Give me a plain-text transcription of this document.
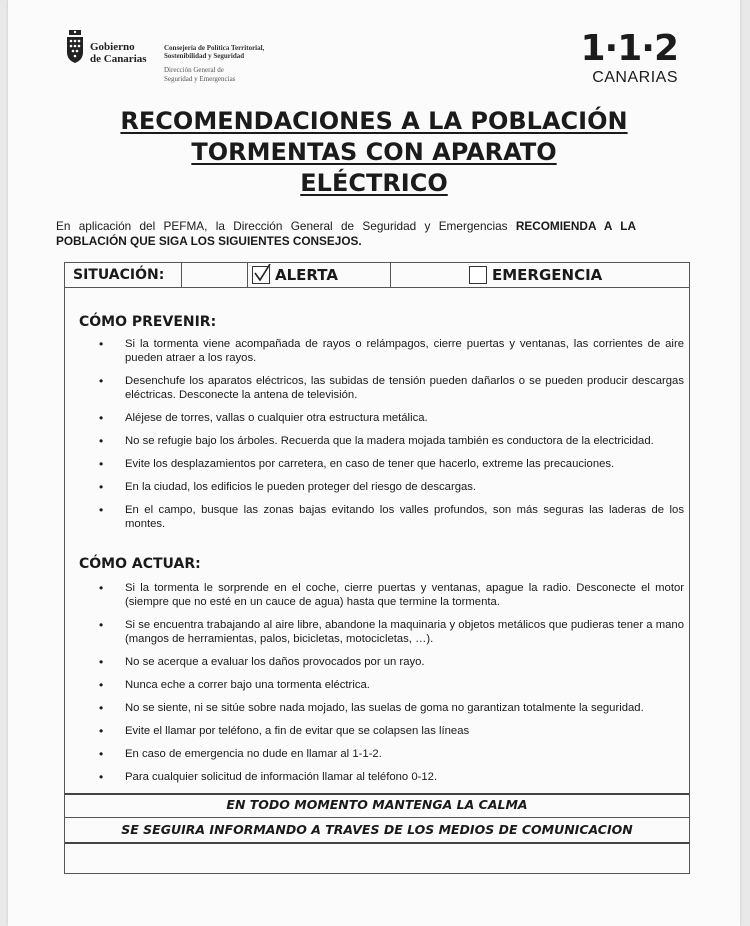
Gobierno
de Canarias
Consejería de Política Territorial,
Sostenibilidad y Seguridad
Dirección General de
Seguridad y Emergencias
1·1·2
CANARIAS
RECOMENDACIONES A LA POBLACIÓN
TORMENTAS CON APARATO
ELÉCTRICO
En aplicación del PEFMA, la Dirección General de Seguridad y Emergencias RECOMIENDA A LA POBLACIÓN QUE SIGA LOS SIGUIENTES CONSEJOS.
SITUACIÓN:	ALERTA	EMERGENCIA
CÓMO PREVENIR:
• Si la tormenta viene acompañada de rayos o relámpagos, cierre puertas y ventanas, las corrientes de aire pueden atraer a los rayos.
• Desenchufe los aparatos eléctricos, las subidas de tensión pueden dañarlos o se pueden producir descargas eléctricas. Desconecte la antena de televisión.
• Aléjese de torres, vallas o cualquier otra estructura metálica.
• No se refugie bajo los árboles. Recuerda que la madera mojada también es conductora de la electricidad.
• Evite los desplazamientos por carretera, en caso de tener que hacerlo, extreme las precauciones.
• En la ciudad, los edificios le pueden proteger del riesgo de descargas.
• En el campo, busque las zonas bajas evitando los valles profundos, son más seguras las laderas de los montes.
CÓMO ACTUAR:
• Si la tormenta le sorprende en el coche, cierre puertas y ventanas, apague la radio. Desconecte el motor (siempre que no esté en un cauce de agua) hasta que termine la tormenta.
• Si se encuentra trabajando al aire libre, abandone la maquinaria y objetos metálicos que pudieras tener a mano (mangos de herramientas, palos, bicicletas, motocicletas, …).
• No se acerque a evaluar los daños provocados por un rayo.
• Nunca eche a correr bajo una tormenta eléctrica.
• No se siente, ni se sitúe sobre nada mojado, las suelas de goma no garantizan totalmente la seguridad.
• Evite el llamar por teléfono, a fin de evitar que se colapsen las líneas
• En caso de emergencia no dude en llamar al 1-1-2.
• Para cualquier solicitud de información llamar al teléfono 0-12.
EN TODO MOMENTO MANTENGA LA CALMA
SE SEGUIRA INFORMANDO A TRAVES DE LOS MEDIOS DE COMUNICACION
